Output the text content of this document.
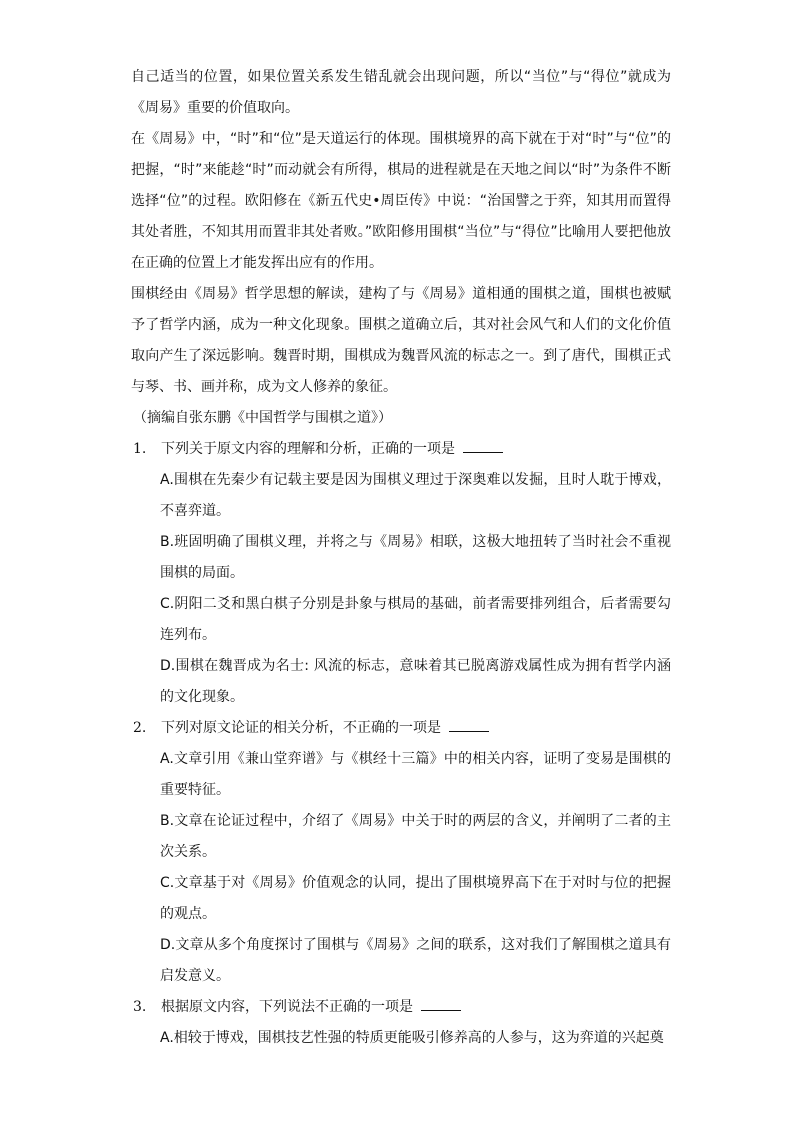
自己适当的位置，如果位置关系发生错乱就会出现问题，所以“当位”与“得位”就成为《周易》重要的价值取向。

在《周易》中，“时”和“位”是天道运行的体现。围棋境界的高下就在于对“时”与“位”的把握，“时”来能趁“时”而动就会有所得，棋局的进程就是在天地之间以“时”为条件不断选择“位”的过程。欧阳修在《新五代史•周臣传》中说：“治国譬之于弈，知其用而置得其处者胜，不知其用而置非其处者败。”欧阳修用围棋“当位”与“得位”比喻用人要把他放在正确的位置上才能发挥出应有的作用。

围棋经由《周易》哲学思想的解读，建构了与《周易》道相通的围棋之道，围棋也被赋予了哲学内涵，成为一种文化现象。围棋之道确立后，其对社会风气和人们的文化价值取向产生了深远影响。魏晋时期，围棋成为魏晋风流的标志之一。到了唐代，围棋正式与琴、书、画并称，成为文人修养的象征。

（摘编自张东鹏《中国哲学与围棋之道》）

1. 下列关于原文内容的理解和分析，正确的一项是

A.围棋在先秦少有记载主要是因为围棋义理过于深奥难以发掘，且时人耽于博戏，不喜弈道。

B.班固明确了围棋义理，并将之与《周易》相联，这极大地扭转了当时社会不重视围棋的局面。

C.阴阳二爻和黑白棋子分别是卦象与棋局的基础，前者需要排列组合，后者需要勾连列布。

D.围棋在魏晋成为名士: 风流的标志，意味着其已脱离游戏属性成为拥有哲学内涵的文化现象。

2. 下列对原文论证的相关分析，不正确的一项是

A.文章引用《兼山堂弈谱》与《棋经十三篇》中的相关内容，证明了变易是围棋的重要特征。

B.文章在论证过程中，介绍了《周易》中关于时的两层的含义，并阐明了二者的主次关系。

C.文章基于对《周易》价值观念的认同，提出了围棋境界高下在于对时与位的把握的观点。

D.文章从多个角度探讨了围棋与《周易》之间的联系，这对我们了解围棋之道具有启发意义。

3. 根据原文内容，下列说法不正确的一项是

A.相较于博戏，围棋技艺性强的特质更能吸引修养高的人参与，这为弈道的兴起奠
